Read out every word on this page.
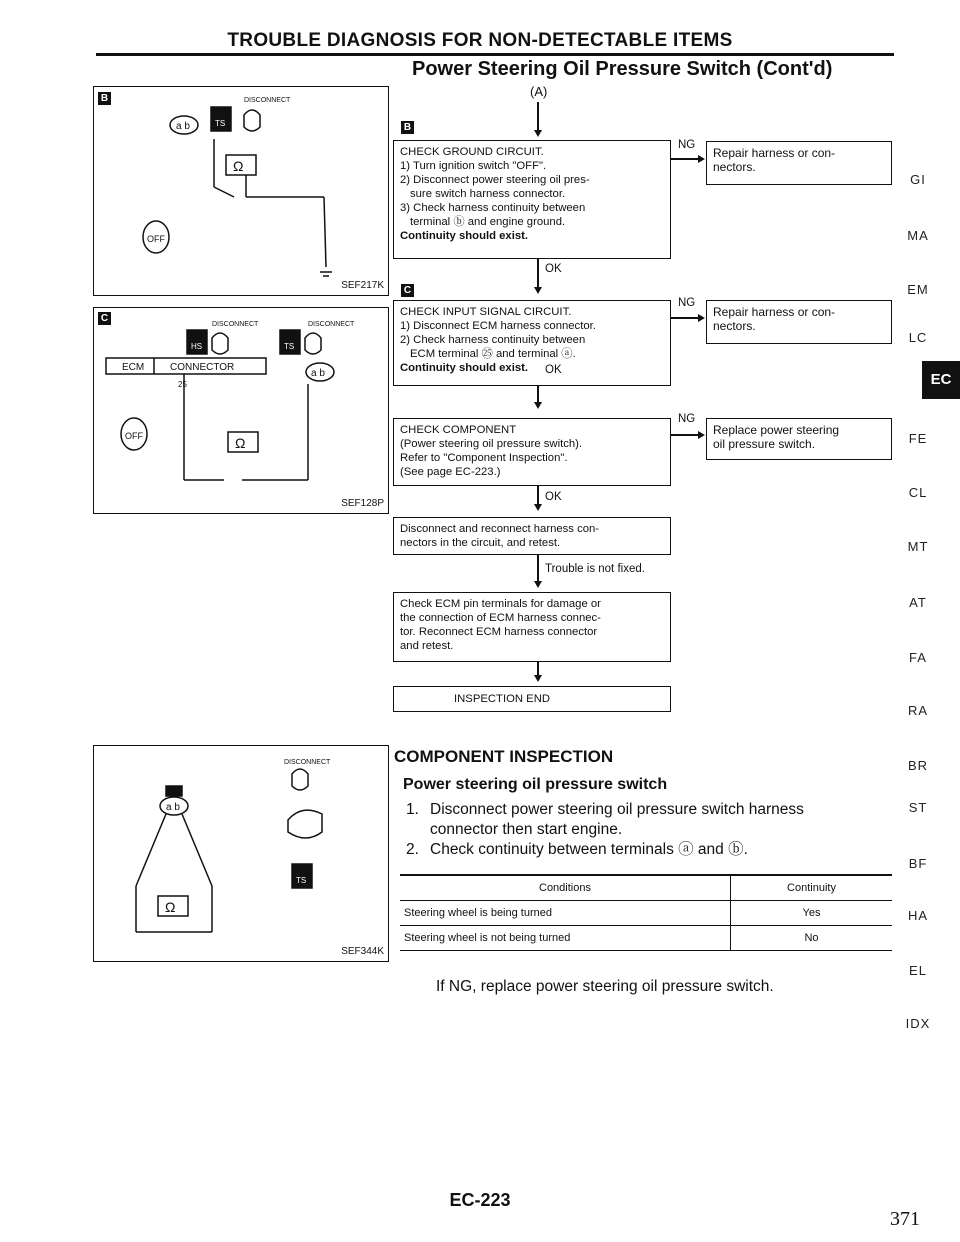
TROUBLE DIAGNOSIS FOR NON-DETECTABLE ITEMS
Power Steering Oil Pressure Switch (Cont'd)
B
a b	TS
Ω
OFF
DISCONNECT
SEF217K
C
HS	TS
DISCONNECT	DISCONNECT
ECM	CONNECTOR
25
a b
Ω
OFF
SEF128P
DISCONNECT
a b
Ω
TS
SEF344K
(A)
B
CHECK GROUND CIRCUIT.
1) Turn ignition switch "OFF".
2) Disconnect power steering oil pres-
sure switch harness connector.
3) Check harness continuity between
terminal ⓑ and engine ground.
Continuity should exist.
NG
Repair harness or con-
nectors.
OK
C
CHECK INPUT SIGNAL CIRCUIT.
1) Disconnect ECM harness connector.
2) Check harness continuity between
ECM terminal ㉕ and terminal ⓐ.
Continuity should exist.
NG
Repair harness or con-
nectors.
OK
CHECK COMPONENT
(Power steering oil pressure switch).
Refer to "Component Inspection".
(See page EC-223.)
NG
Replace power steering
oil pressure switch.
OK
Disconnect and reconnect harness con-
nectors in the circuit, and retest.
Trouble is not fixed.
Check ECM pin terminals for damage or
the connection of ECM harness connec-
tor. Reconnect ECM harness connector
and retest.
INSPECTION END
COMPONENT INSPECTION
Power steering oil pressure switch
1. Disconnect power steering oil pressure switch harness
connector then start engine.
2. Check continuity between terminals ⓐ and ⓑ.
Conditions	Continuity
Steering wheel is being turned	Yes
Steering wheel is not being turned	No
If NG, replace power steering oil pressure switch.
GI
MA
EM
LC
EC
FE
CL
MT
AT
FA
RA
BR
ST
BF
HA
EL
IDX
EC-223
371
